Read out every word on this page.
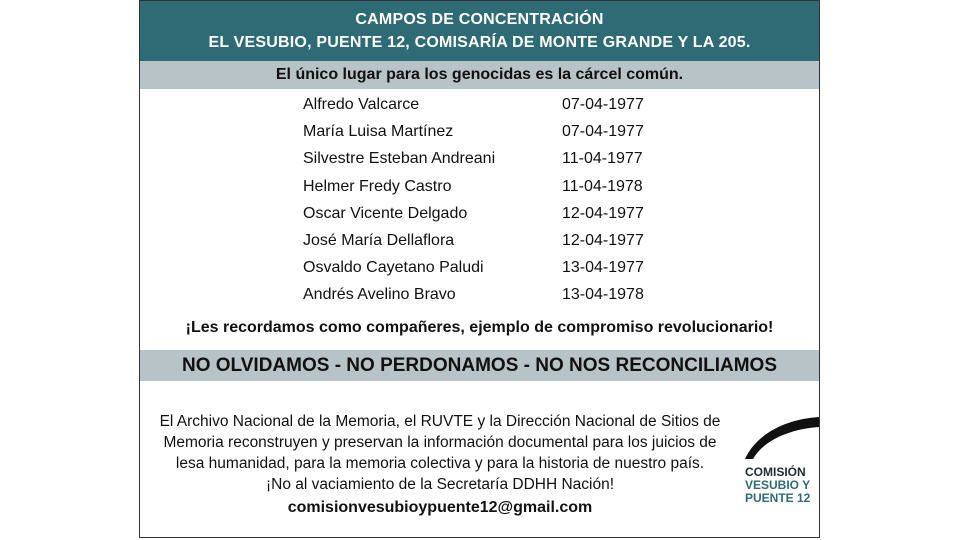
CAMPOS DE CONCENTRACIÓN
EL VESUBIO, PUENTE 12, COMISARÍA DE MONTE GRANDE Y LA 205.
El único lugar para los genocidas es la cárcel común.
Alfredo Valcarce	07-04-1977
María Luisa Martínez	07-04-1977
Silvestre Esteban Andreani	11-04-1977
Helmer Fredy Castro	11-04-1978
Oscar Vicente Delgado	12-04-1977
José María Dellaflora	12-04-1977
Osvaldo Cayetano Paludi	13-04-1977
Andrés Avelino Bravo	13-04-1978
¡Les recordamos como compañeres, ejemplo de compromiso revolucionario!
NO OLVIDAMOS - NO PERDONAMOS - NO NOS RECONCILIAMOS

El Archivo Nacional de la Memoria, el RUVTE y la Dirección Nacional de Sitios de

Memoria reconstruyen y preservan la información documental para los juicios de

lesa humanidad, para la memoria colectiva y para la historia de nuestro país.

¡No al vaciamiento de la Secretaría DDHH Nación!

comisionvesubioypuente12@gmail.com
COMISIÓN
VESUBIO Y
PUENTE 12
